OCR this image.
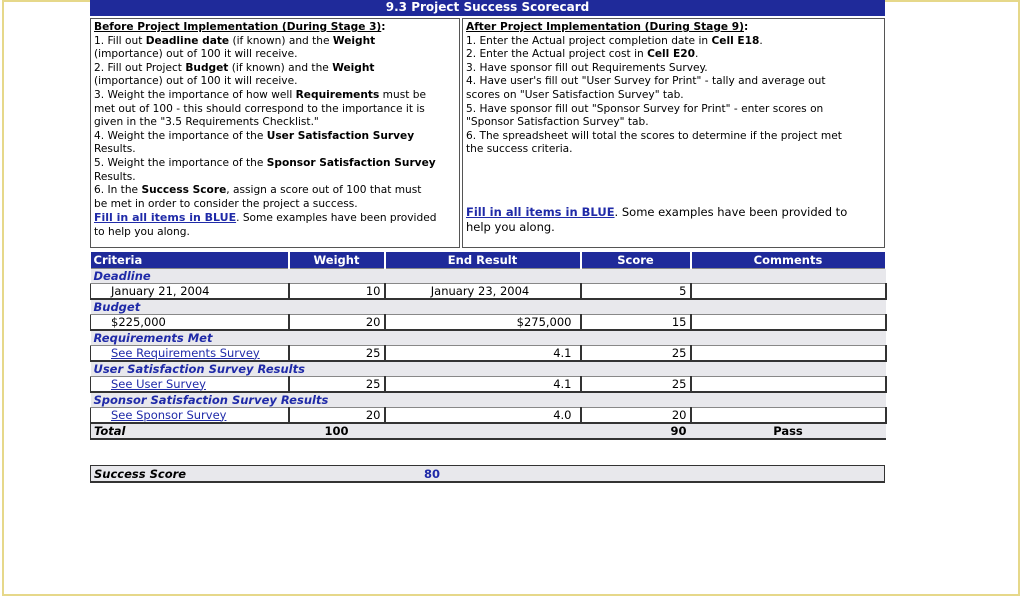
9.3 Project Success Scorecard
Before Project Implementation (During Stage 3):
1. Fill out Deadline date (if known) and the Weight
(importance) out of 100 it will receive.
2. Fill out Project Budget (if known) and the Weight
(importance) out of 100 it will receive.
3. Weight the importance of how well Requirements must be
met out of 100 - this should correspond to the importance it is
given in the "3.5 Requirements Checklist."
4. Weight the importance of the User Satisfaction Survey
Results.
5. Weight the importance of the Sponsor Satisfaction Survey
Results.
6. In the Success Score, assign a score out of 100 that must
be met in order to consider the project a success.
Fill in all items in BLUE. Some examples have been provided
to help you along.
After Project Implementation (During Stage 9):
1. Enter the Actual project completion date in Cell E18.
2. Enter the Actual project cost in Cell E20.
3. Have sponsor fill out Requirements Survey.
4. Have user's fill out "User Survey for Print" - tally and average out
scores on "User Satisfaction Survey" tab.
5. Have sponsor fill out "Sponsor Survey for Print" - enter scores on
"Sponsor Satisfaction Survey" tab.
6. The spreadsheet will total the scores to determine if the project met
the success criteria.
Fill in all items in BLUE. Some examples have been provided to
help you along.
Criteria	Weight	End Result	Score	Comments
Deadline				
January 21, 2004	10	January 23, 2004	5	
Budget				
$225,000	20	$275,000	15	
Requirements Met				
See Requirements Survey	25	4.1	25	
User Satisfaction Survey Results				
See User Survey	25	4.1	25	
Sponsor Satisfaction Survey Results				
See Sponsor Survey	20	4.0	20	
Total	100		90	Pass
Success Score	80
